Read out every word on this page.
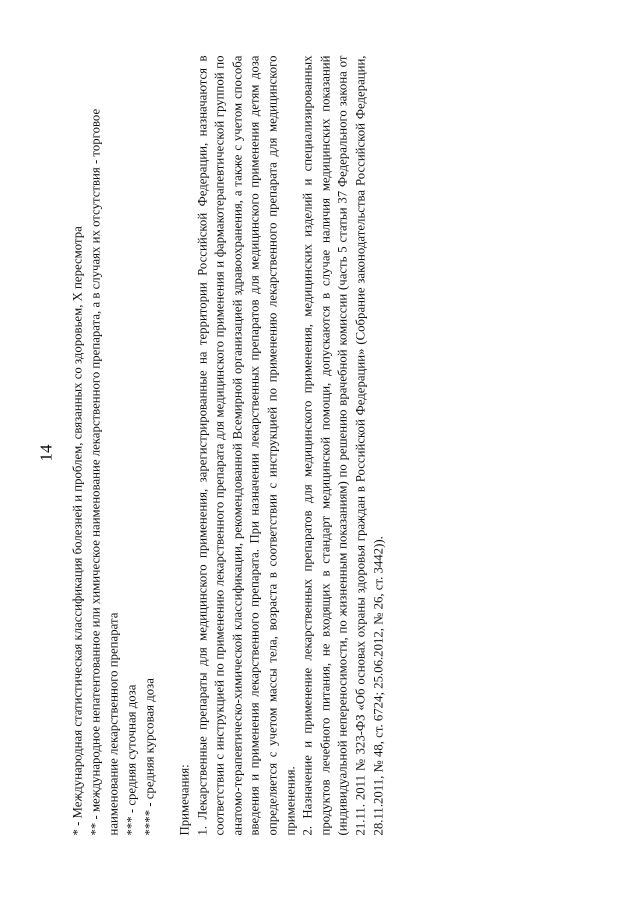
14 * - Международная статистическая классификация болезней и проблем, связанных со здоровьем, X пересмотра ** - международное непатентованное или химическое наименование лекарственного препарата, а в случаях их отсутствия - торговое наименование лекарственного препарата *** - средняя суточная доза **** - средняя курсовая доза Примечания: 1. Лекарственные препараты для медицинского применения, зарегистрированные на территории Российской Федерации, назначаются в соответствии с инструкцией по применению лекарственного препарата для медицинского применения и фармакотерапевтической группой по анатомо-терапевтическо-химической классификации, рекомендованной Всемирной организацией здравоохранения, а также с учетом способа введения и применения лекарственного препарата. При назначении лекарственных препаратов для медицинского применения детям доза определяется с учетом массы тела, возраста в соответствии с инструкцией по применению лекарственного препарата для медицинского применения. 2. Назначение и применение лекарственных препаратов для медицинского применения, медицинских изделий и специализированных продуктов лечебного питания, не входящих в стандарт медицинской помощи, допускаются в случае наличия медицинских показаний (индивидуальной непереносимости, по жизненным показаниям) по решению врачебной комиссии (часть 5 статьи 37 Федерального закона от 21.11. 2011 № 323-ФЗ «Об основах охраны здоровья граждан в Российской Федерации» (Собрание законодательства Российской Федерации, 28.11.2011, № 48, ст. 6724; 25.06.2012, № 26, ст. 3442)).
